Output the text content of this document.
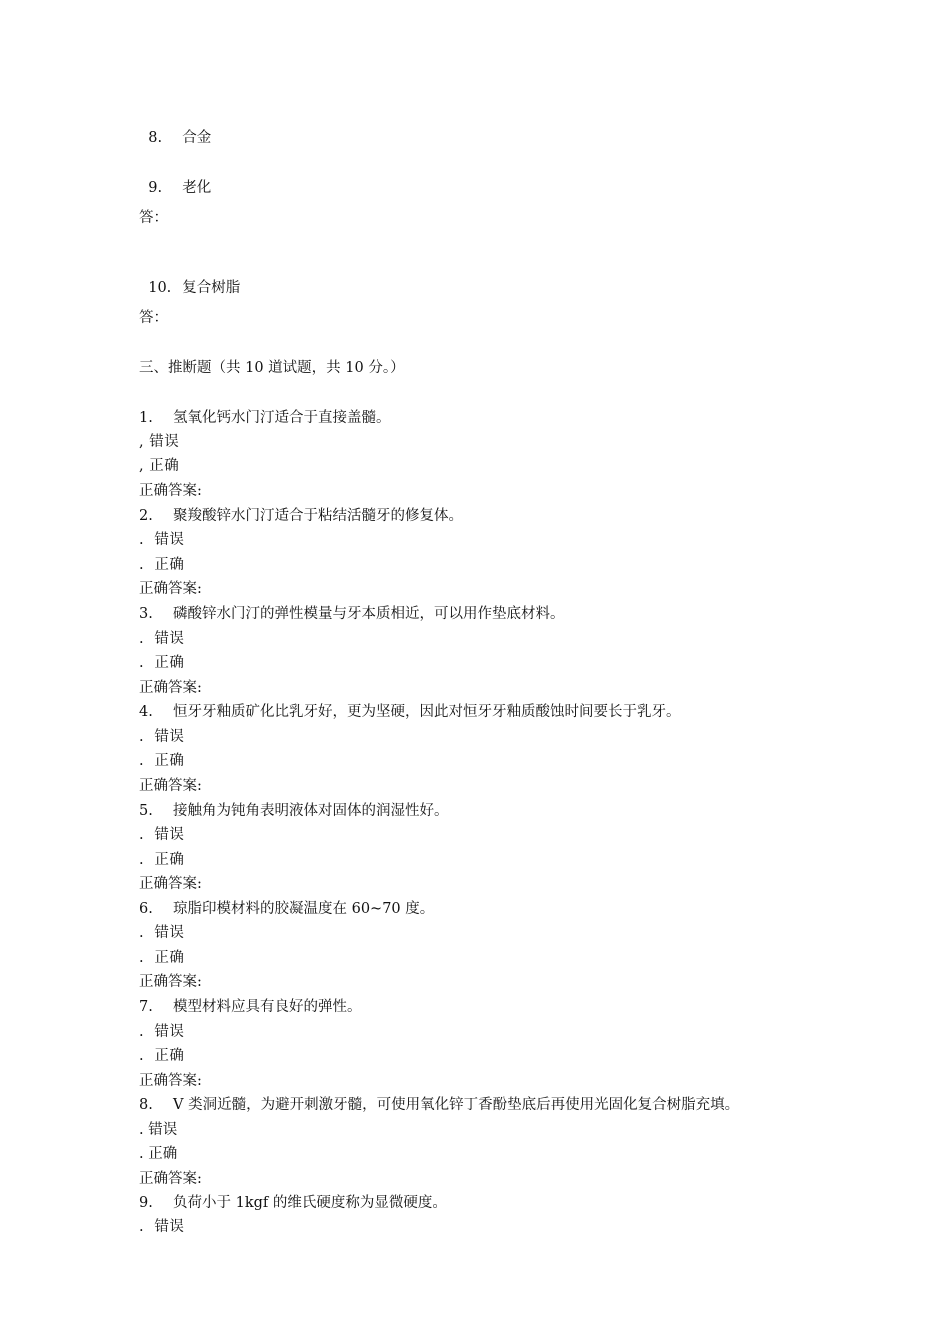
8. 合金

9. 老化

答：

10. 复合树脂

答：
三、推断题（共 10 道试题，共 10 分。）
1. 氢氧化钙水门汀适合于直接盖髓。
, 错误
, 正确
正确答案:
2. 聚羧酸锌水门汀适合于粘结活髓牙的修复体。
.  错误
.  正确
正确答案:
3. 磷酸锌水门汀的弹性模量与牙本质相近，可以用作垫底材料。
.  错误
.  正确
正确答案:
4. 恒牙牙釉质矿化比乳牙好，更为坚硬，因此对恒牙牙釉质酸蚀时间要长于乳牙。
.  错误
.  正确
正确答案:
5. 接触角为钝角表明液体对固体的润湿性好。
.  错误
.  正确
正确答案:
6. 琼脂印模材料的胶凝温度在 60~70 度。
.  错误
.  正确
正确答案:
7. 模型材料应具有良好的弹性。
.  错误
.  正确
正确答案:
8. V 类洞近髓，为避开刺激牙髓，可使用氧化锌丁香酚垫底后再使用光固化复合树脂充填。
. 错误
. 正确
正确答案:
9. 负荷小于 1kgf 的维氏硬度称为显微硬度。
.  错误
